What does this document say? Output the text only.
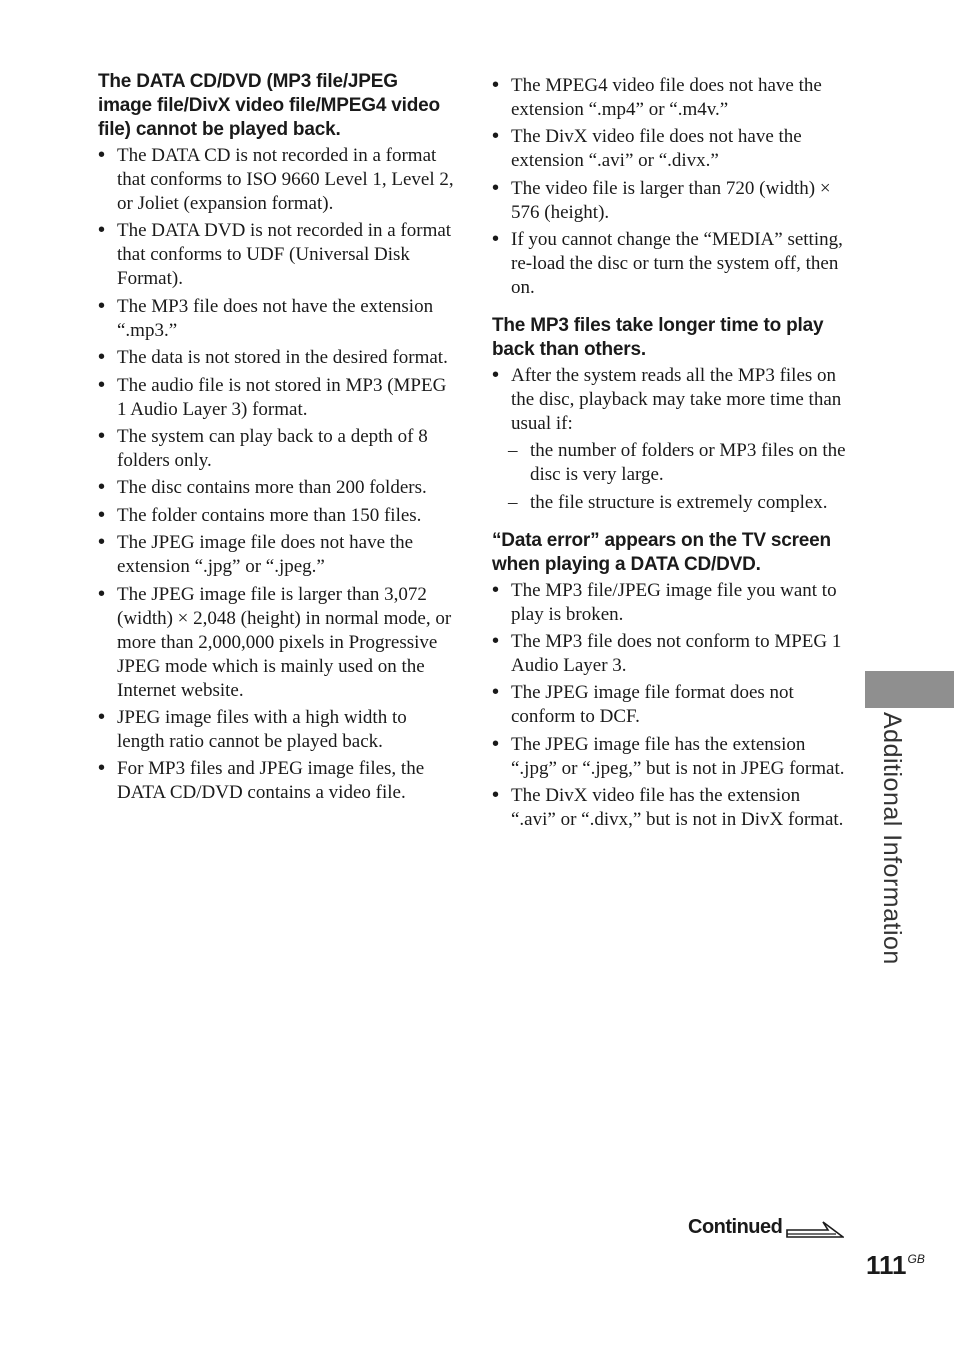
The DATA CD/DVD (MP3 file/JPEG image file/DivX video file/MPEG4 video file) cannot be played back.
• The DATA CD is not recorded in a format that conforms to ISO 9660 Level 1, Level 2, or Joliet (expansion format).
• The DATA DVD is not recorded in a format that conforms to UDF (Universal Disk Format).
• The MP3 file does not have the extension “.mp3.”
• The data is not stored in the desired format.
• The audio file is not stored in MP3 (MPEG 1 Audio Layer 3) format.
• The system can play back to a depth of 8 folders only.
• The disc contains more than 200 folders.
• The folder contains more than 150 files.
• The JPEG image file does not have the extension “.jpg” or “.jpeg.”
• The JPEG image file is larger than 3,072 (width) × 2,048 (height) in normal mode, or more than 2,000,000 pixels in Progressive JPEG mode which is mainly used on the Internet website.
• JPEG image files with a high width to length ratio cannot be played back.
• For MP3 files and JPEG image files, the DATA CD/DVD contains a video file.
• The MPEG4 video file does not have the extension “.mp4” or “.m4v.”
• The DivX video file does not have the extension “.avi” or “.divx.”
• The video file is larger than 720 (width) × 576 (height).
• If you cannot change the “MEDIA” setting, re-load the disc or turn the system off, then on.
The MP3 files take longer time to play back than others.
• After the system reads all the MP3 files on the disc, playback may take more time than usual if:
– the number of folders or MP3 files on the disc is very large.
– the file structure is extremely complex.
“Data error” appears on the TV screen when playing a DATA CD/DVD.
• The MP3 file/JPEG image file you want to play is broken.
• The MP3 file does not conform to MPEG 1 Audio Layer 3.
• The JPEG image file format does not conform to DCF.
• The JPEG image file has the extension “.jpg” or “.jpeg,” but is not in JPEG format.
• The DivX video file has the extension “.avi” or “.divx,” but is not in DivX format.	Additional Information
Continued
$111^{GB}$
